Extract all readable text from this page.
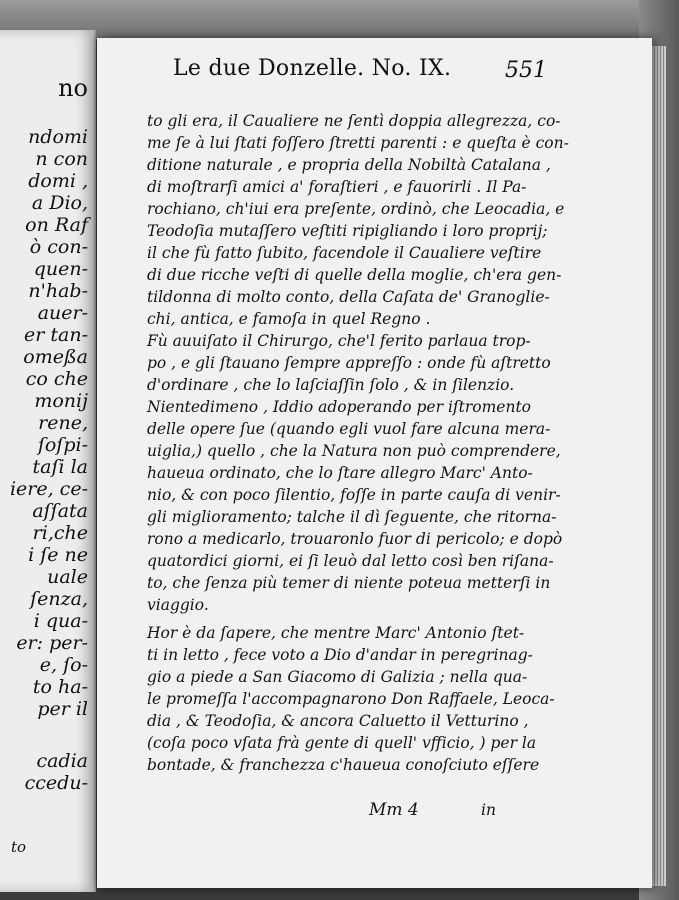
no
ndomi
n con
domi ,
a Dio,
on Raf
ò con-
quen-
n'hab-
auer-
er tan-
omeßa
co che
monij
rene,
ſoſpi-
taſi la
iere, ce-
aſſata
ri,che
i ſe ne
uale
ſenza,
i qua-
er: per-
e, ſo-
to ha-
per il
cadia
ccedu-
to
Le due Donzelle. No. IX.	551
to gli era, il Caualiere ne ſentì doppia allegrezza, co-
me ſe à lui ſtati foſſero ſtretti parenti : e queſta è con-
ditione naturale , e propria della Nobiltà Catalana ,
di moſtrarſi amici a' foraſtieri , e fauorirli . Il Pa-
rochiano, ch'iui era preſente, ordinò, che Leocadia, e
Teodoſia mutaſſero veſtiti ripigliando i loro proprij;
il che fù fatto ſubito, facendole il Caualiere veſtire
di due ricche veſti di quelle della moglie, ch'era gen-
tildonna di molto conto, della Caſata de' Granoglie-
chi, antica, e famoſa in quel Regno .
Fù auuiſato il Chirurgo, che'l ferito parlaua trop-
po , e gli ſtauano ſempre appreſſo : onde fù aſtretto
d'ordinare , che lo laſciaſſin ſolo , & in ſilenzio.
Nientedimeno , Iddio adoperando per iſtromento
delle opere ſue (quando egli vuol fare alcuna mera-
uiglia,) quello , che la Natura non può comprendere,
haueua ordinato, che lo ſtare allegro Marc' Anto-
nio, & con poco ſilentio, foſſe in parte cauſa di venir-
gli miglioramento; talche il dì ſeguente, che ritorna-
rono a medicarlo, trouaronlo fuor di pericolo; e dopò
quatordici giorni, ei ſi leuò dal letto così ben riſana-
to, che ſenza più temer di niente poteua metterſi in
viaggio.
Hor è da ſapere, che mentre Marc' Antonio ſtet-
ti in letto , fece voto a Dio d'andar in peregrinag-
gio a piede a San Giacomo di Galizia ; nella qua-
le promeſſa l'accompagnarono Don Raffaele, Leoca-
dia , & Teodoſia, & ancora Caluetto il Vetturino ,
(coſa poco vſata frà gente di quell' vfficio, ) per la
bontade, & franchezza c'haueua conoſciuto eſſere
Mm 4	in
